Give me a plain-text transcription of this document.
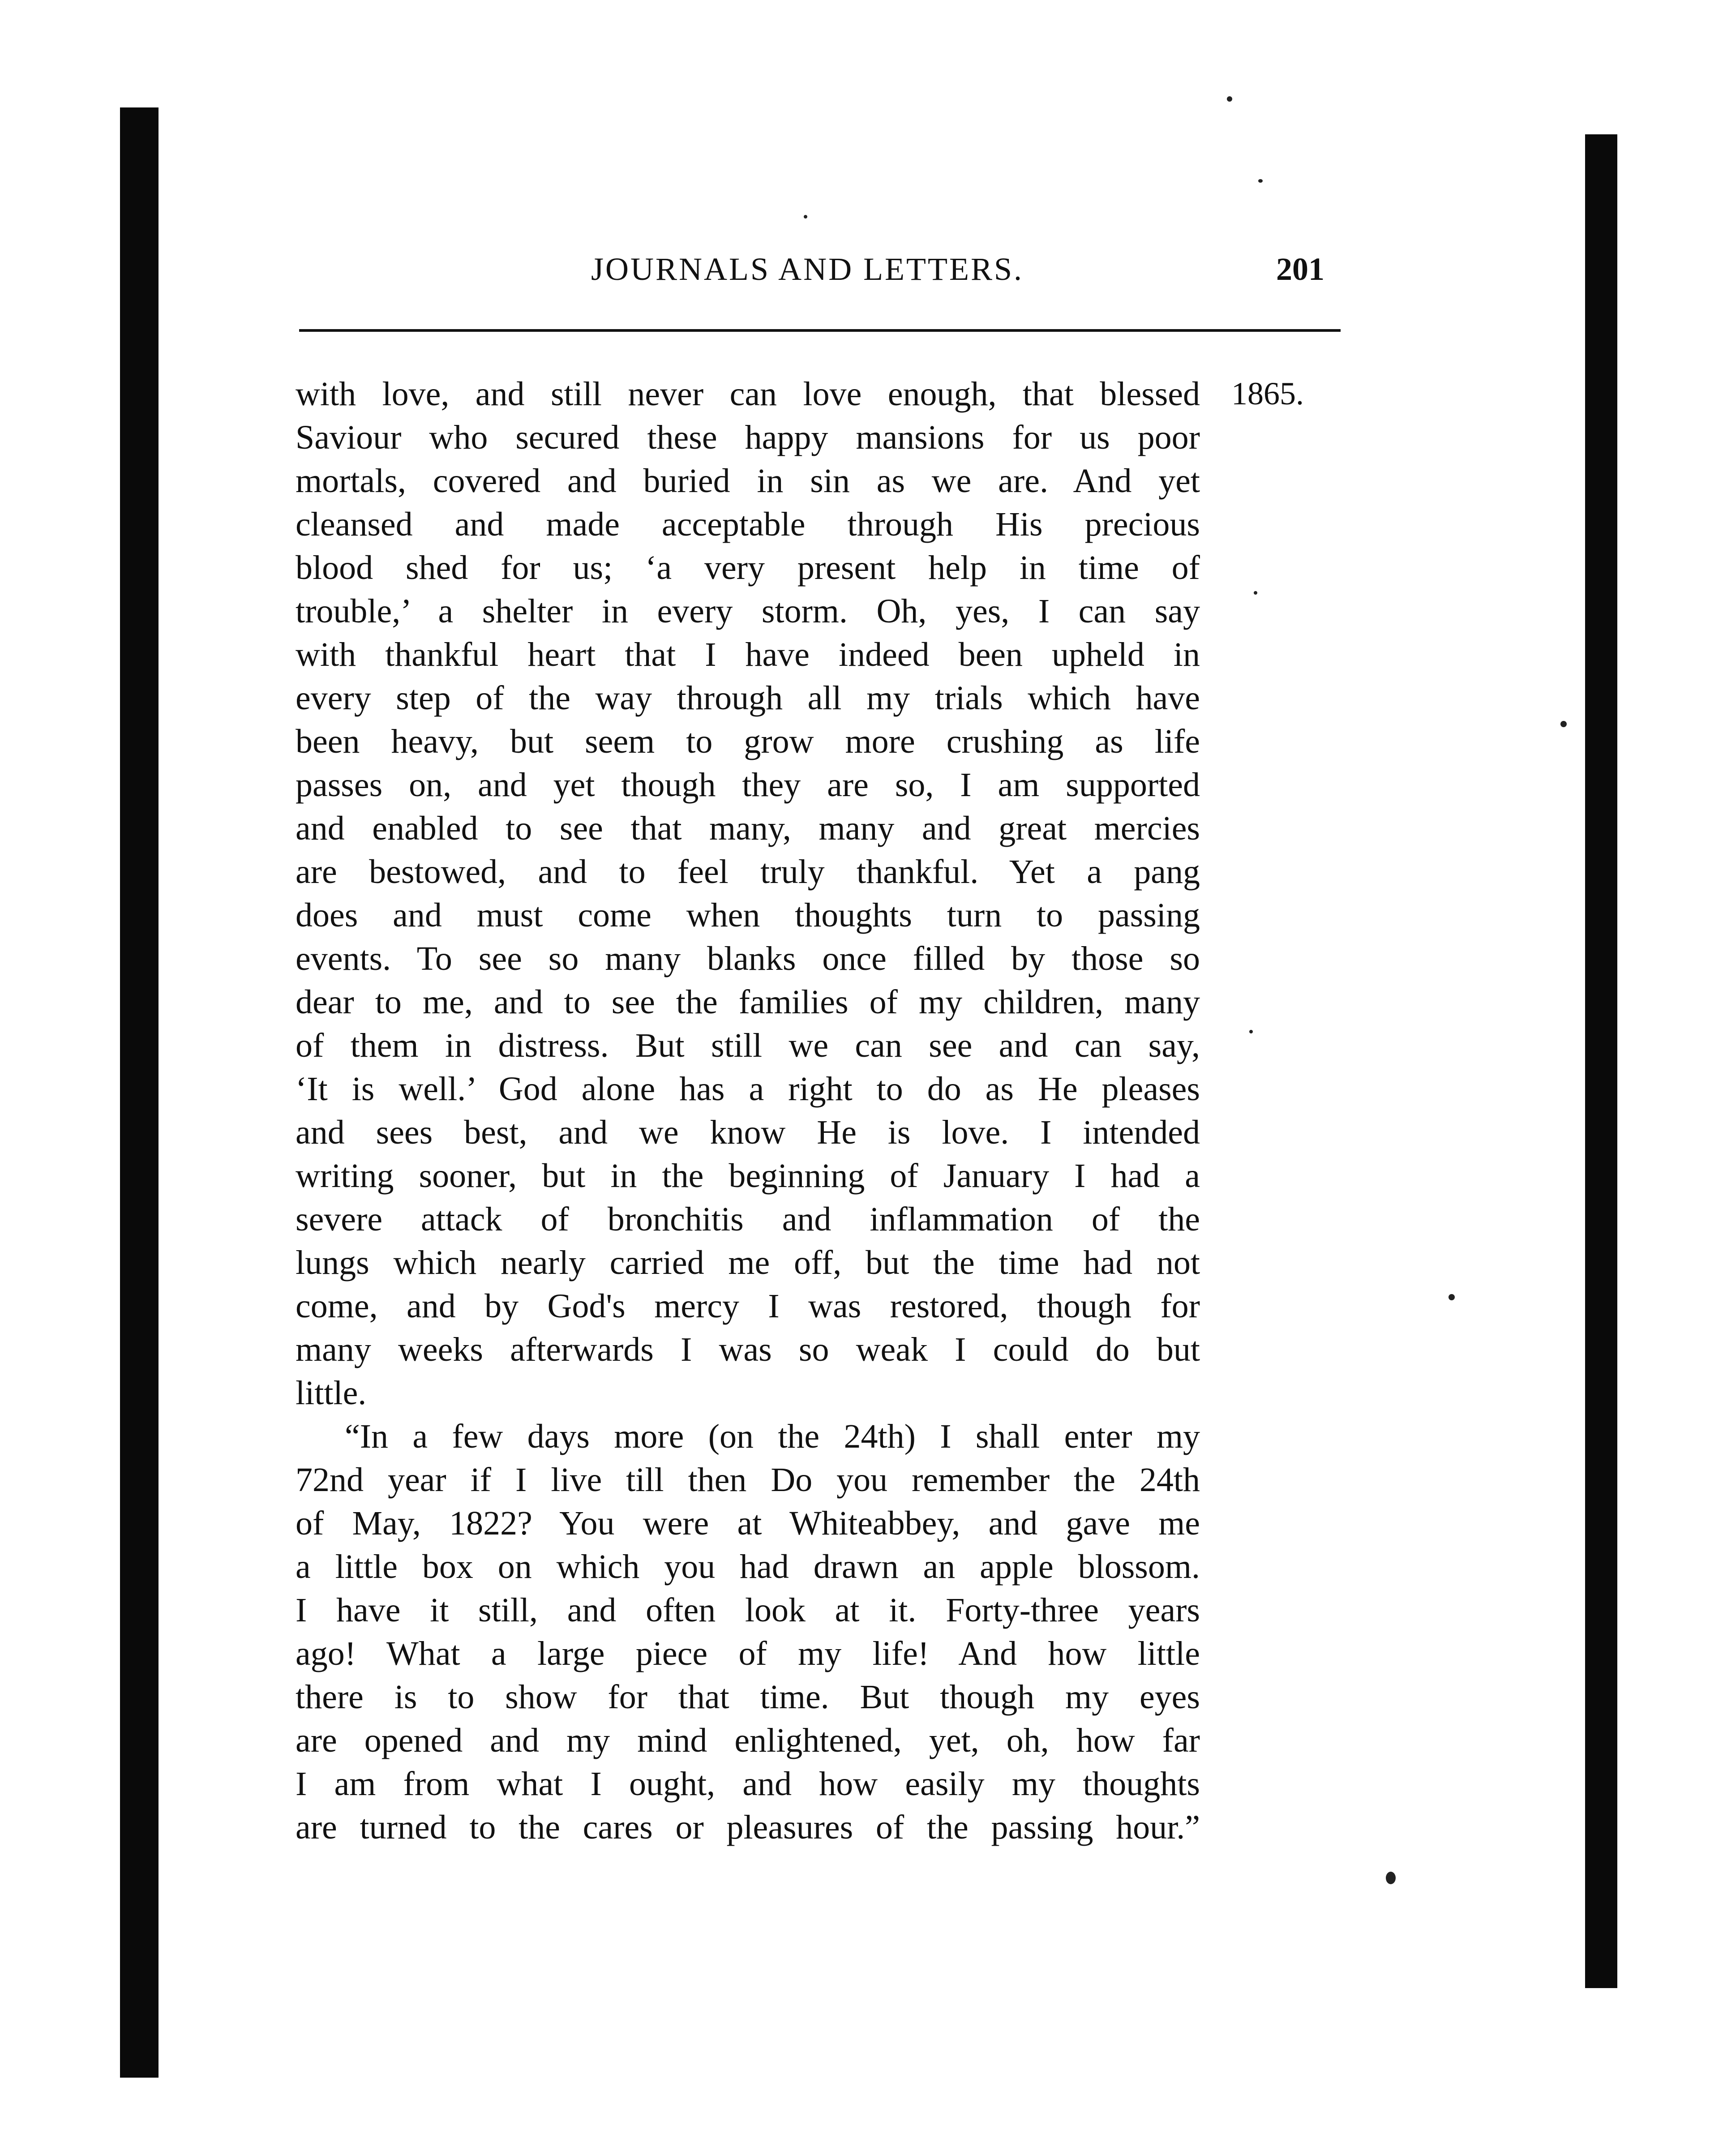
JOURNALS AND LETTERS.	201
1865.
with love, and still never can love enough, that blessed
Saviour who secured these happy mansions for us poor
mortals, covered and buried in sin as we are. And yet
cleansed and made acceptable through His precious
blood shed for us; ‘a very present help in time of
trouble,’ a shelter in every storm. Oh, yes, I can say
with thankful heart that I have indeed been upheld in
every step of the way through all my trials which have
been heavy, but seem to grow more crushing as life
passes on, and yet though they are so, I am supported
and enabled to see that many, many and great mercies
are bestowed, and to feel truly thankful. Yet a pang
does and must come when thoughts turn to passing
events. To see so many blanks once filled by those so
dear to me, and to see the families of my children, many
of them in distress. But still we can see and can say,
‘It is well.’ God alone has a right to do as He pleases
and sees best, and we know He is love. I intended
writing sooner, but in the beginning of January I had a
severe attack of bronchitis and inflammation of the
lungs which nearly carried me off, but the time had not
come, and by God's mercy I was restored, though for
many weeks afterwards I was so weak I could do but
little.
“In a few days more (on the 24th) I shall enter my
72nd year if I live till then Do you remember the 24th
of May, 1822? You were at Whiteabbey, and gave me
a little box on which you had drawn an apple blossom.
I have it still, and often look at it. Forty-three years
ago! What a large piece of my life! And how little
there is to show for that time. But though my eyes
are opened and my mind enlightened, yet, oh, how far
I am from what I ought, and how easily my thoughts
are turned to the cares or pleasures of the passing hour.”
